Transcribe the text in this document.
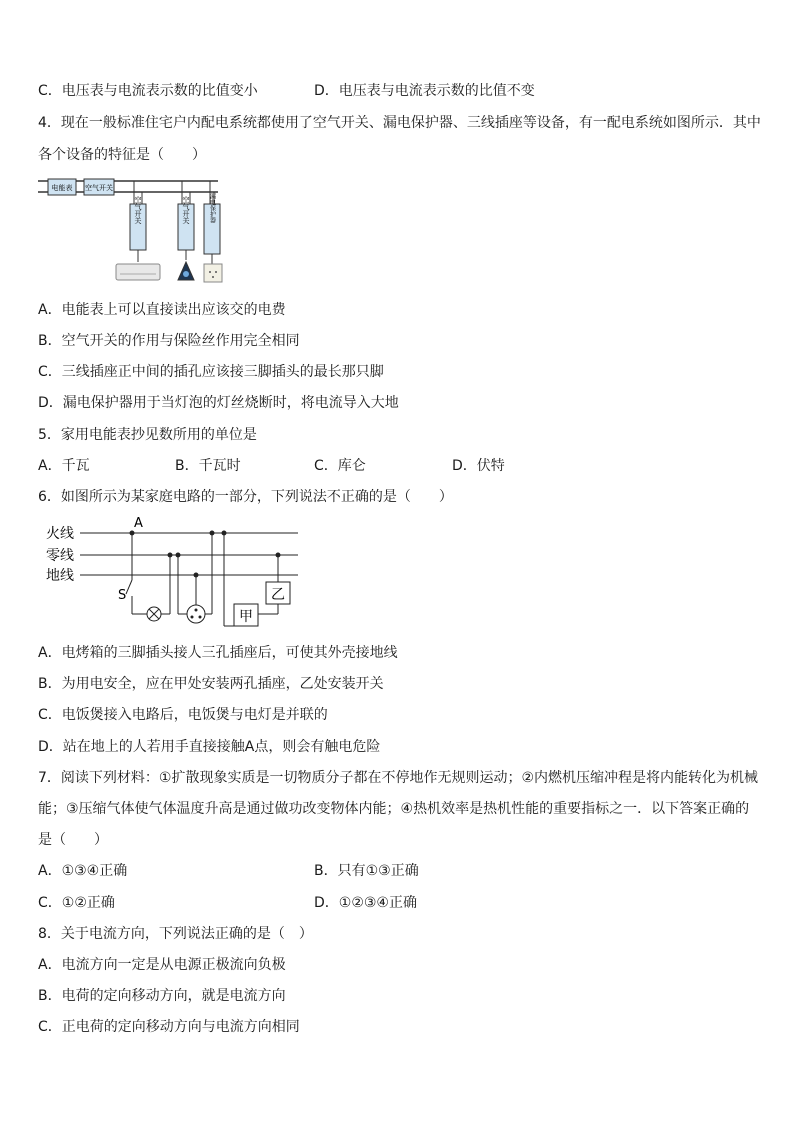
C．电压表与电流表示数的比值变小	D．电压表与电流表示数的比值不变
4．现在一般标准住宅户内配电系统都使用了空气开关、漏电保护器、三线插座等设备，有一配电系统如图所示．其中
各个设备的特征是（　　）
电能表 空气开关
空气开关	空气开关	漏电保护器
A．电能表上可以直接读出应该交的电费
B．空气开关的作用与保险丝作用完全相同
C．三线插座正中间的插孔应该接三脚插头的最长那只脚
D．漏电保护器用于当灯泡的灯丝烧断时，将电流导入大地
5．家用电能表抄见数所用的单位是
A．千瓦	B．千瓦时	C．库仑	D．伏特
6．如图所示为某家庭电路的一部分，下列说法不正确的是（　　）
火线
零线
地线
A
S
甲
乙
A．电烤箱的三脚插头接人三孔插座后，可使其外壳接地线
B．为用电安全，应在甲处安装两孔插座，乙处安装开关
C．电饭煲接入电路后，电饭煲与电灯是并联的
D．站在地上的人若用手直接接触A点，则会有触电危险
7．阅读下列材料：①扩散现象实质是一切物质分子都在不停地作无规则运动；②内燃机压缩冲程是将内能转化为机械
能；③压缩气体使气体温度升高是通过做功改变物体内能；④热机效率是热机性能的重要指标之一．以下答案正确的
是（　　）
A．①③④正确	B．只有①③正确
C．①②正确	D．①②③④正确
8．关于电流方向，下列说法正确的是（　）
A．电流方向一定是从电源正极流向负极
B．电荷的定向移动方向，就是电流方向
C．正电荷的定向移动方向与电流方向相同
